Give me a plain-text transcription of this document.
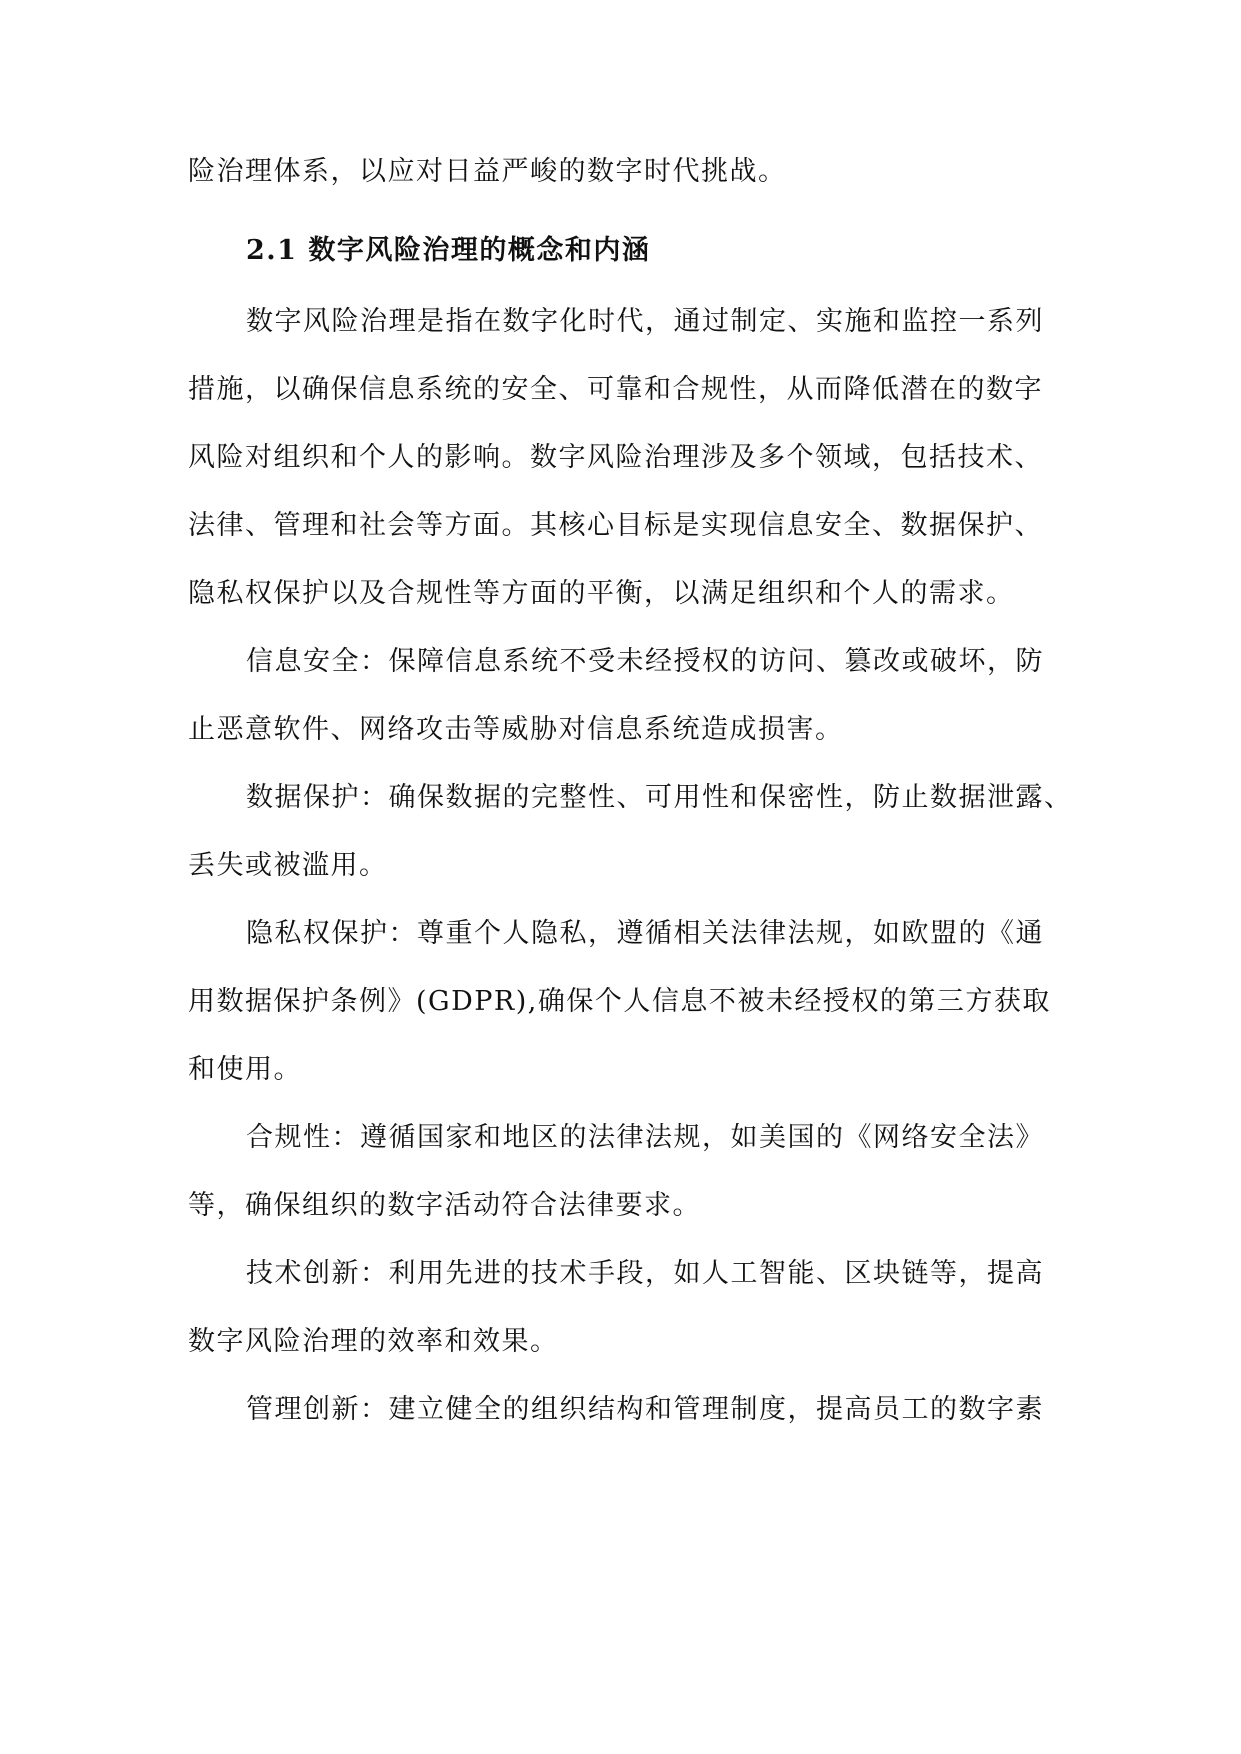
险治理体系，以应对日益严峻的数字时代挑战。
2.1 数字风险治理的概念和内涵
数字风险治理是指在数字化时代，通过制定、实施和监控一系列
措施，以确保信息系统的安全、可靠和合规性，从而降低潜在的数字
风险对组织和个人的影响。数字风险治理涉及多个领域，包括技术、
法律、管理和社会等方面。其核心目标是实现信息安全、数据保护、
隐私权保护以及合规性等方面的平衡，以满足组织和个人的需求。
信息安全：保障信息系统不受未经授权的访问、篡改或破坏，防
止恶意软件、网络攻击等威胁对信息系统造成损害。
数据保护：确保数据的完整性、可用性和保密性，防止数据泄露、
丢失或被滥用。
隐私权保护：尊重个人隐私，遵循相关法律法规，如欧盟的《通
用数据保护条例》(GDPR),确保个人信息不被未经授权的第三方获取
和使用。
合规性：遵循国家和地区的法律法规，如美国的《网络安全法》
等，确保组织的数字活动符合法律要求。
技术创新：利用先进的技术手段，如人工智能、区块链等，提高
数字风险治理的效率和效果。
管理创新：建立健全的组织结构和管理制度，提高员工的数字素
